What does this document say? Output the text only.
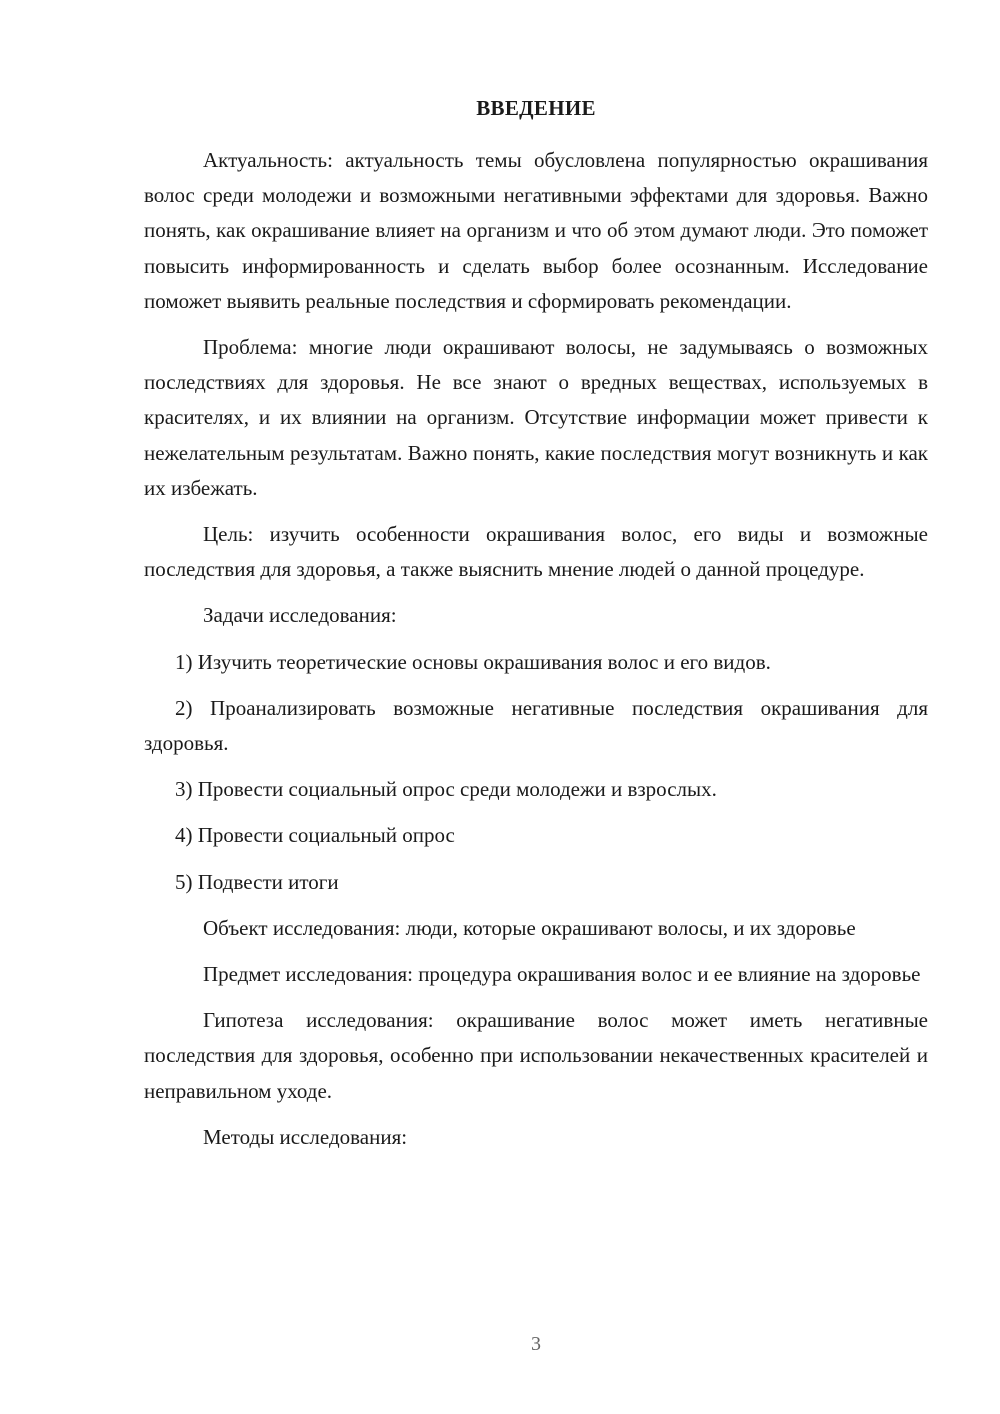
ВВЕДЕНИЕ

Актуальность: актуальность темы обусловлена популярностью окрашивания волос среди молодежи и возможными негативными эффектами для здоровья. Важно понять, как окрашивание влияет на организм и что об этом думают люди. Это поможет повысить информированность и сделать выбор более осознанным. Исследование поможет выявить реальные последствия и сформировать рекомендации.

Проблема: многие люди окрашивают волосы, не задумываясь о возможных последствиях для здоровья. Не все знают о вредных веществах, используемых в красителях, и их влиянии на организм. Отсутствие информации может привести к нежелательным результатам. Важно понять, какие последствия могут возникнуть и как их избежать.

Цель: изучить особенности окрашивания волос, его виды и возможные последствия для здоровья, а также выяснить мнение людей о данной процедуре.

Задачи исследования:

1) Изучить теоретические основы окрашивания волос и его видов.

2) Проанализировать возможные негативные последствия окрашивания для здоровья.

3) Провести социальный опрос среди молодежи и взрослых.

4) Провести социальный опрос

5) Подвести итоги

Объект исследования: люди, которые окрашивают волосы, и их здоровье

Предмет исследования: процедура окрашивания волос и ее влияние на здоровье

Гипотеза исследования: окрашивание волос может иметь негативные последствия для здоровья, особенно при использовании некачественных красителей и неправильном уходе.

Методы исследования:

3
